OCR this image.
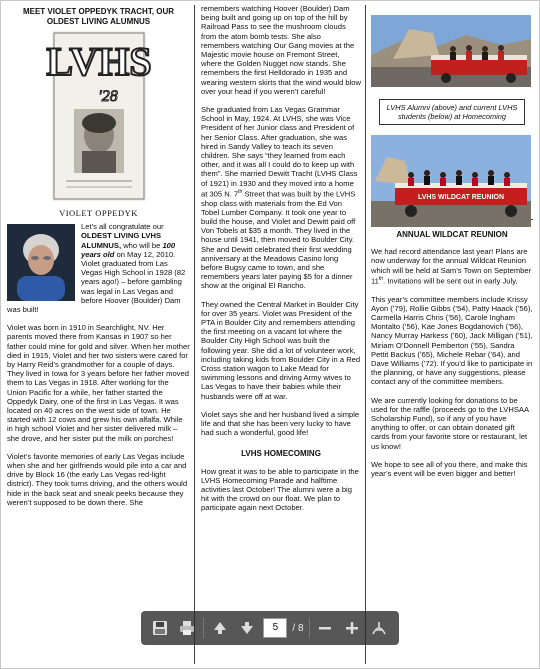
MEET VIOLET OPPEDYK TRACHT, OUR OLDEST LIVING ALUMNUS
LVHS
'28
VIOLET OPPEDYK

Let’s all congratulate our OLDEST LIVING LVHS ALUMNUS, who will be 100 years old on May 12, 2010. Violet graduated from Las Vegas High School in 1928 (82 years ago!) – before gambling was legal in Las Vegas and before Hoover (Boulder) Dam was built!

Violet was born in 1910 in Searchlight, NV. Her parents moved there from Kansas in 1907 so her father could mine for gold and silver. When her mother died in 1915, Violet and her two sisters were cared for by Harry Reid’s grandmother for a couple of days. They lived in Iowa for 3 years before her father moved them to Las Vegas in 1918. After working for the Union Pacific for a while, her father started the Oppedyk Dairy, one of the first in Las Vegas. It was located on 40 acres on the west side of town. He started with 12 cows and grew his own alfalfa. While in high school Violet and her sister delivered milk – she drove, and her sister put the milk on porches!

Violet’s favorite memories of early Las Vegas include when she and her girlfriends would pile into a car and drive by Block 16 (the early Las Vegas red-light district). They took turns driving, and the others would hide in the back seat and sneak peeks because they weren’t supposed to be down there. She

remembers watching Hoover (Boulder) Dam being built and going up on top of the hill by Railroad Pass to see the mushroom clouds from the atom bomb tests. She also remembers watching Our Gang movies at the Majestic movie house on Fremont Street, where the Golden Nugget now stands. She remembers the first Helldorado in 1935 and wearing western skirts that the wind would blow over your head if you weren’t careful!

She graduated from Las Vegas Grammar School in May, 1924. At LVHS, she was Vice President of her Junior class and President of her Senior Class. After graduation, she was hired in Sandy Valley to teach its seven children. She says “they learned from each other, and it was all I could do to keep up with them”. She married Dewitt Tracht (LVHS Class of 1921) in 1930 and they moved into a home at 305 N. 7th Street that was built by the LVHS shop class with materials from the Ed Von Tobel Lumber Company. It took one year to build the house, and Violet and Dewitt paid off Von Tobels at $35 a month. They lived in the house until 1941, then moved to Boulder City. She and Dewitt celebrated their first wedding anniversary at the Meadows Casino long before Bugsy came to town, and she remembers years later paying $5 for a dinner show at the original El Rancho.

They owned the Central Market in Boulder City for over 35 years. Violet was President of the PTA in Boulder City and remembers attending the first meeting on a vacant lot where the Boulder City High School was built the following year. She did a lot of volunteer work, including taking kids from Boulder City in a Red Cross station wagon to Lake Mead for swimming lessons and driving Army wives to Las Vegas to have their babies while their husbands were off at war.

Violet says she and her husband lived a simple life and that she has been very lucky to have had such a wonderful, good life!

LVHS HOMECOMING

How great it was to be able to participate in the LVHS Homecoming Parade and halftime activities last October! The alumni were a big hit with the crowd on our float. We plan to participate again next October.

LVHS Alumni (above) and current LVHS students (below) at Homecoming
LVHS WILDCAT REUNION
ANNUAL WILDCAT REUNION

We had record attendance last year! Plans are now underway for the annual Wildcat Reunion which will be held at Sam’s Town on September 11th. Invitations will be sent out in early July.

This year’s committee members include Krissy Ayon (’79), Rollie Gibbs (’54), Patty Haack (’56), Carmella Harris Chris (’56), Carole Ingham Montalto (’56), Kae Jones Bogdanovich (’56), Nancy Murray Harkess (’60), Jack Milligan (’51), Miriam O’Donnell Pemberton (’55), Sandra Pettit Backus (’65), Michele Rebar (’64), and Dave Williams (’72). If you’d like to participate in the planning, or have any suggestions, please contact any of the committee members.

We are currently looking for donations to be used for the raffle (proceeds go to the LVHSAA Scholarship Fund), so if any of you have anything to offer, or can obtain donated gift cards from your favorite store or restaurant, let us know!

We hope to see all of you there, and make this year’s event will be even bigger and better!

5	/ 8
